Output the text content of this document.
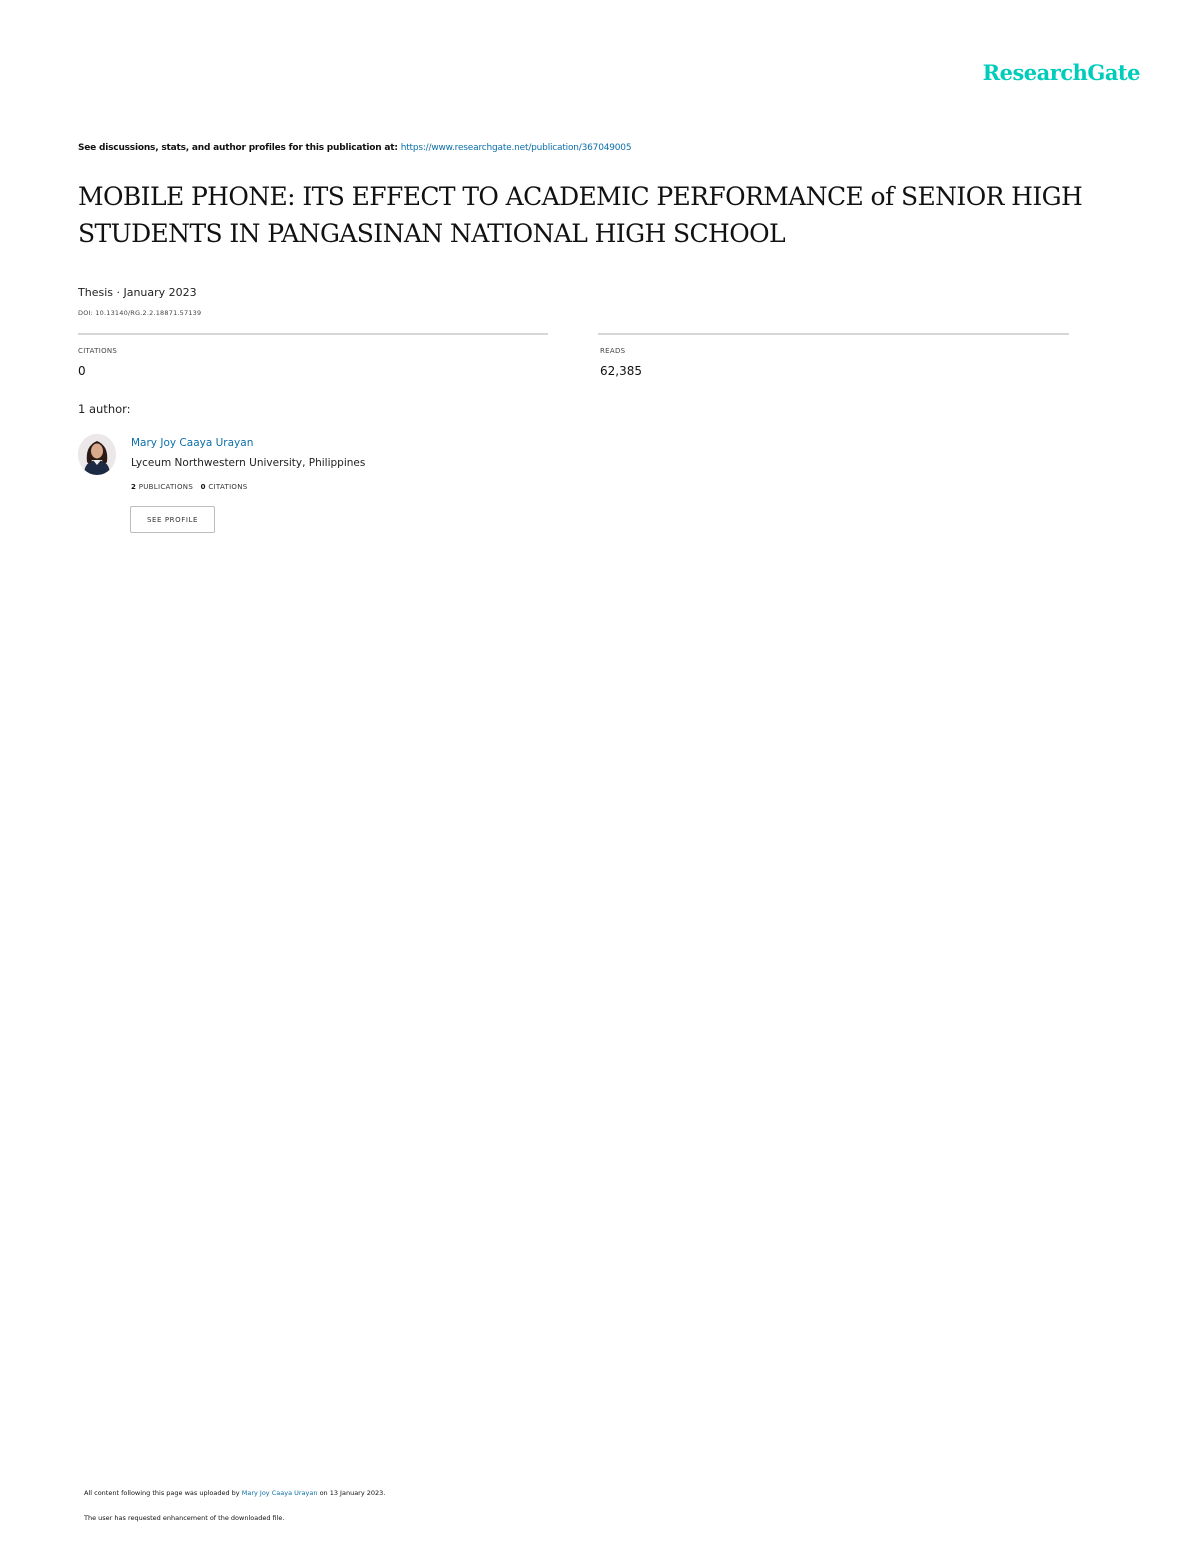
ResearchGate
See discussions, stats, and author profiles for this publication at: https://www.researchgate.net/publication/367049005
MOBILE PHONE: ITS EFFECT TO ACADEMIC PERFORMANCE of SENIOR HIGH STUDENTS IN PANGASINAN NATIONAL HIGH SCHOOL
Thesis · January 2023
DOI: 10.13140/RG.2.2.18871.57139
CITATIONS
0
READS
62,385
1 author:
Mary Joy Caaya Urayan
Lyceum Northwestern University, Philippines
2 PUBLICATIONS 0 CITATIONS
SEE PROFILE
All content following this page was uploaded by Mary Joy Caaya Urayan on 13 January 2023.
The user has requested enhancement of the downloaded file.
